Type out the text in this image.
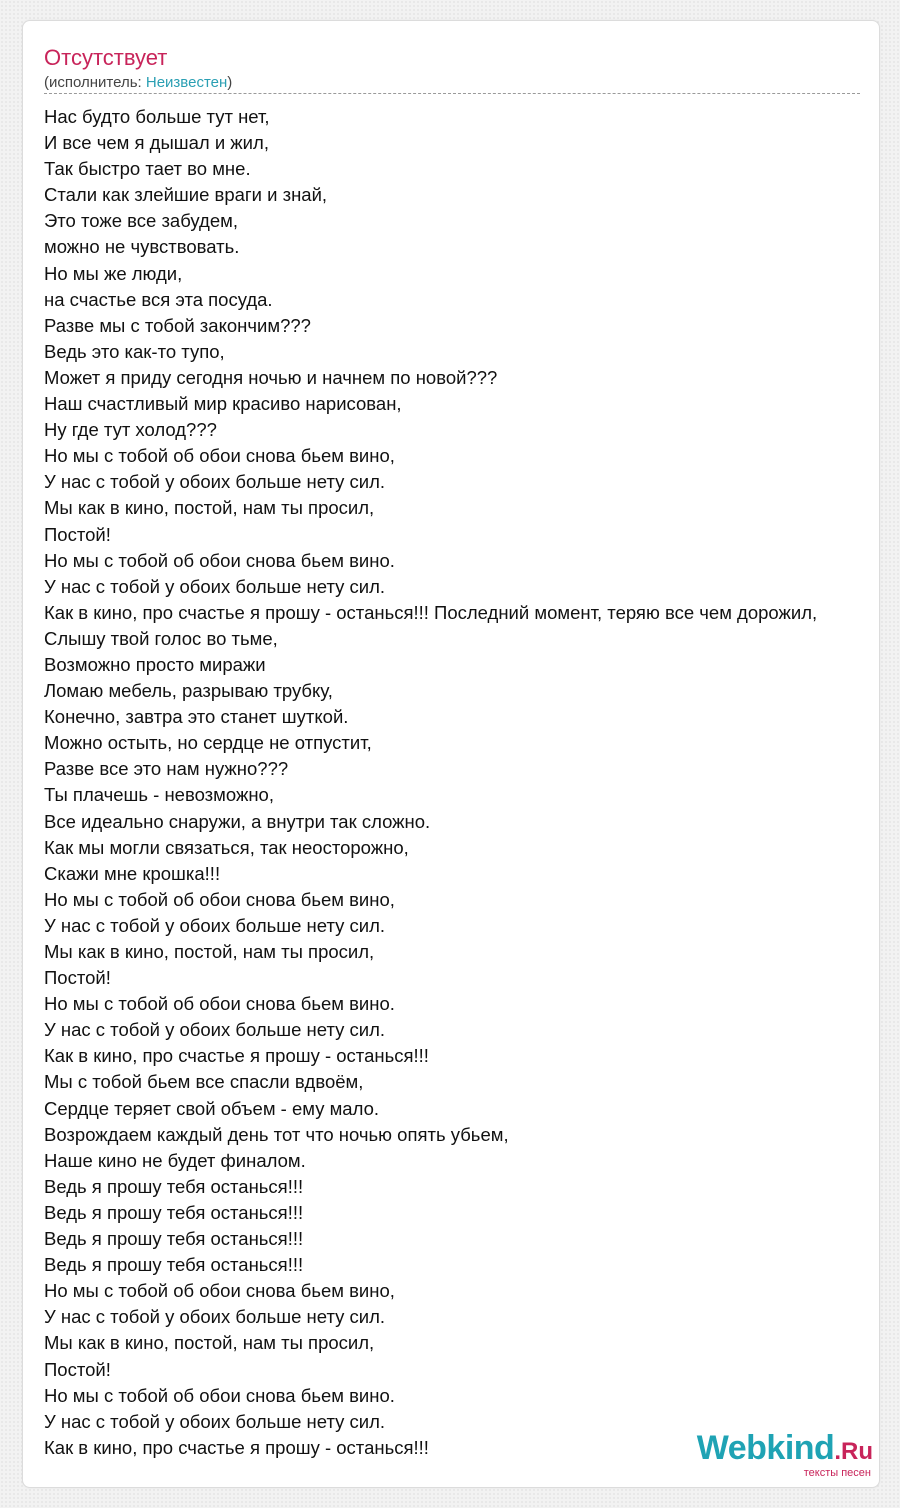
Отсутствует
(исполнитель: Неизвестен)
Нас будто больше тут нет,
И все чем я дышал и жил,
Так быстро тает во мне.
Стали как злейшие враги и знай,
Это тоже все забудем,
можно не чувствовать.
Но мы же люди,
на счастье вся эта посуда.
Разве мы с тобой закончим???
Ведь это как-то тупо,
Может я приду сегодня ночью и начнем по новой???
Наш счастливый мир красиво нарисован,
Ну где тут холод???
Но мы с тобой об обои снова бьем вино,
У нас с тобой у обоих больше нету сил.
Мы как в кино, постой, нам ты просил,
Постой!
Но мы с тобой об обои снова бьем вино.
У нас с тобой у обоих больше нету сил.
Как в кино, про счастье я прошу - останься!!! Последний момент, теряю все чем дорожил,
Слышу твой голос во тьме,
Возможно просто миражи
Ломаю мебель, разрываю трубку,
Конечно, завтра это станет шуткой.
Можно остыть, но сердце не отпустит,
Разве все это нам нужно???
Ты плачешь - невозможно,
Все идеально снаружи, а внутри так сложно.
Как мы могли связаться, так неосторожно,
Скажи мне крошка!!!
Но мы с тобой об обои снова бьем вино,
У нас с тобой у обоих больше нету сил.
Мы как в кино, постой, нам ты просил,
Постой!
Но мы с тобой об обои снова бьем вино.
У нас с тобой у обоих больше нету сил.
Как в кино, про счастье я прошу - останься!!!
Мы с тобой бьем все спасли вдвоём,
Сердце теряет свой объем - ему мало.
Возрождаем каждый день тот что ночью опять убьем,
Наше кино не будет финалом.
Ведь я прошу тебя останься!!!
Ведь я прошу тебя останься!!!
Ведь я прошу тебя останься!!!
Ведь я прошу тебя останься!!!
Но мы с тобой об обои снова бьем вино,
У нас с тобой у обоих больше нету сил.
Мы как в кино, постой, нам ты просил,
Постой!
Но мы с тобой об обои снова бьем вино.
У нас с тобой у обоих больше нету сил.
Как в кино, про счастье я прошу - останься!!!	Webkind.Ru
тексты песен
